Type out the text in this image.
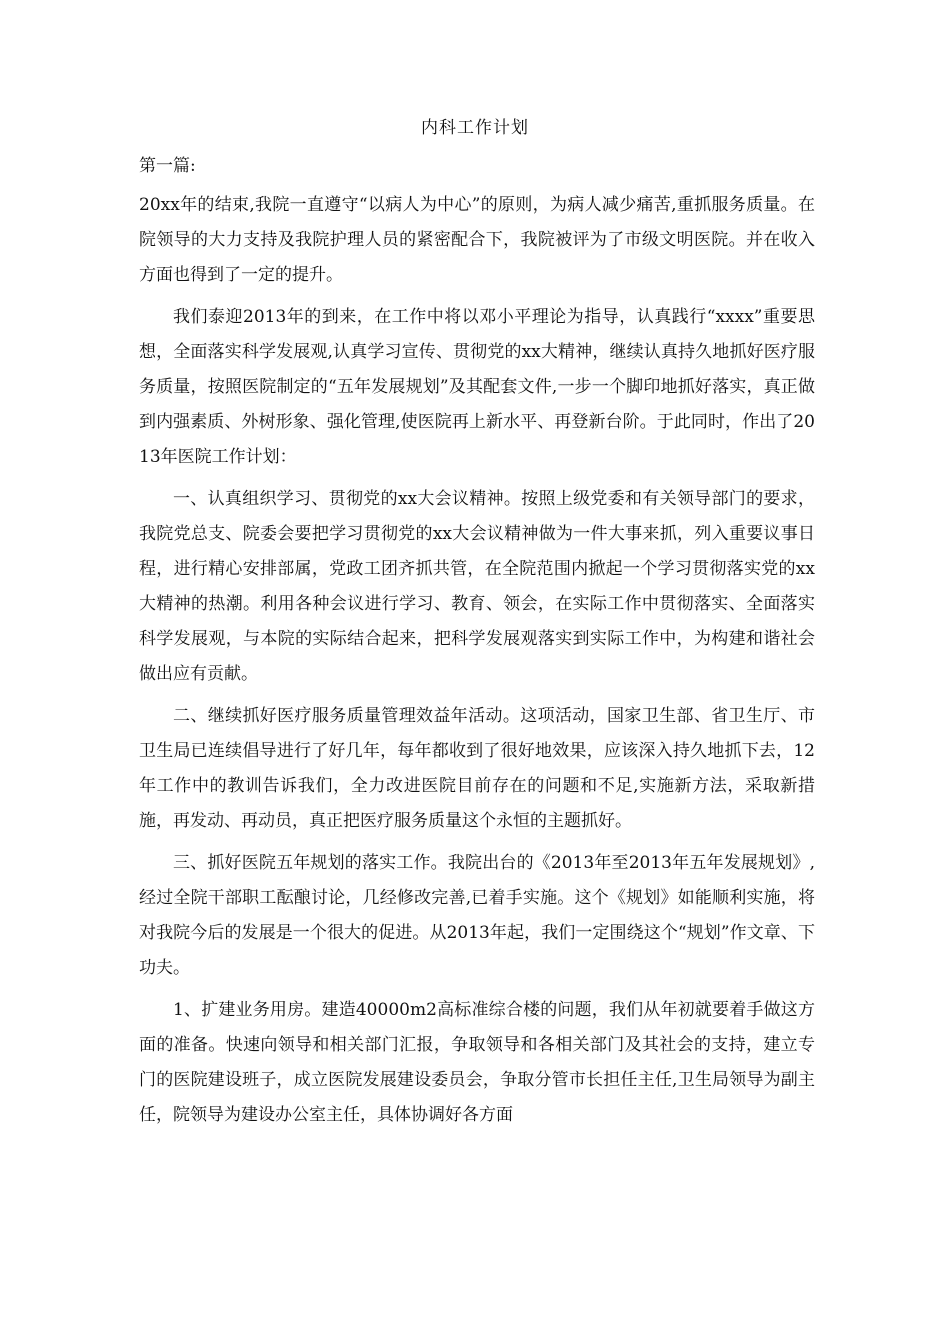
内科工作计划
第一篇:

20xx年的结束,我院一直遵守“以病人为中心”的原则，为病人减少痛苦,重抓服务质量。在院领导的大力支持及我院护理人员的紧密配合下，我院被评为了市级文明医院。并在收入方面也得到了一定的提升。

我们泰迎2013年的到来，在工作中将以邓小平理论为指导，认真践行“xxxx”重要思想，全面落实科学发展观,认真学习宣传、贯彻党的xx大精神，继续认真持久地抓好医疗服务质量，按照医院制定的“五年发展规划”及其配套文件,一步一个脚印地抓好落实，真正做到内强素质、外树形象、强化管理,使医院再上新水平、再登新台阶。于此同时，作出了2013年医院工作计划：

一、认真组织学习、贯彻党的xx大会议精神。按照上级党委和有关领导部门的要求，我院党总支、院委会要把学习贯彻党的xx大会议精神做为一件大事来抓，列入重要议事日程，进行精心安排部属，党政工团齐抓共管，在全院范围内掀起一个学习贯彻落实党的xx大精神的热潮。利用各种会议进行学习、教育、领会，在实际工作中贯彻落实、全面落实科学发展观，与本院的实际结合起来，把科学发展观落实到实际工作中，为构建和谐社会做出应有贡献。

二、继续抓好医疗服务质量管理效益年活动。这项活动，国家卫生部、省卫生厅、市卫生局已连续倡导进行了好几年，每年都收到了很好地效果，应该深入持久地抓下去，12年工作中的教训告诉我们，全力改进医院目前存在的问题和不足,实施新方法，采取新措施，再发动、再动员，真正把医疗服务质量这个永恒的主题抓好。

三、抓好医院五年规划的落实工作。我院出台的《2013年至2013年五年发展规划》,经过全院干部职工酝酿讨论，几经修改完善,已着手实施。这个《规划》如能顺利实施，将对我院今后的发展是一个很大的促进。从2013年起，我们一定围绕这个“规划”作文章、下功夫。

1、扩建业务用房。建造40000m2高标准综合楼的问题，我们从年初就要着手做这方面的准备。快速向领导和相关部门汇报，争取领导和各相关部门及其社会的支持，建立专门的医院建设班子，成立医院发展建设委员会，争取分管市长担任主任,卫生局领导为副主任，院领导为建设办公室主任，具体协调好各方面
